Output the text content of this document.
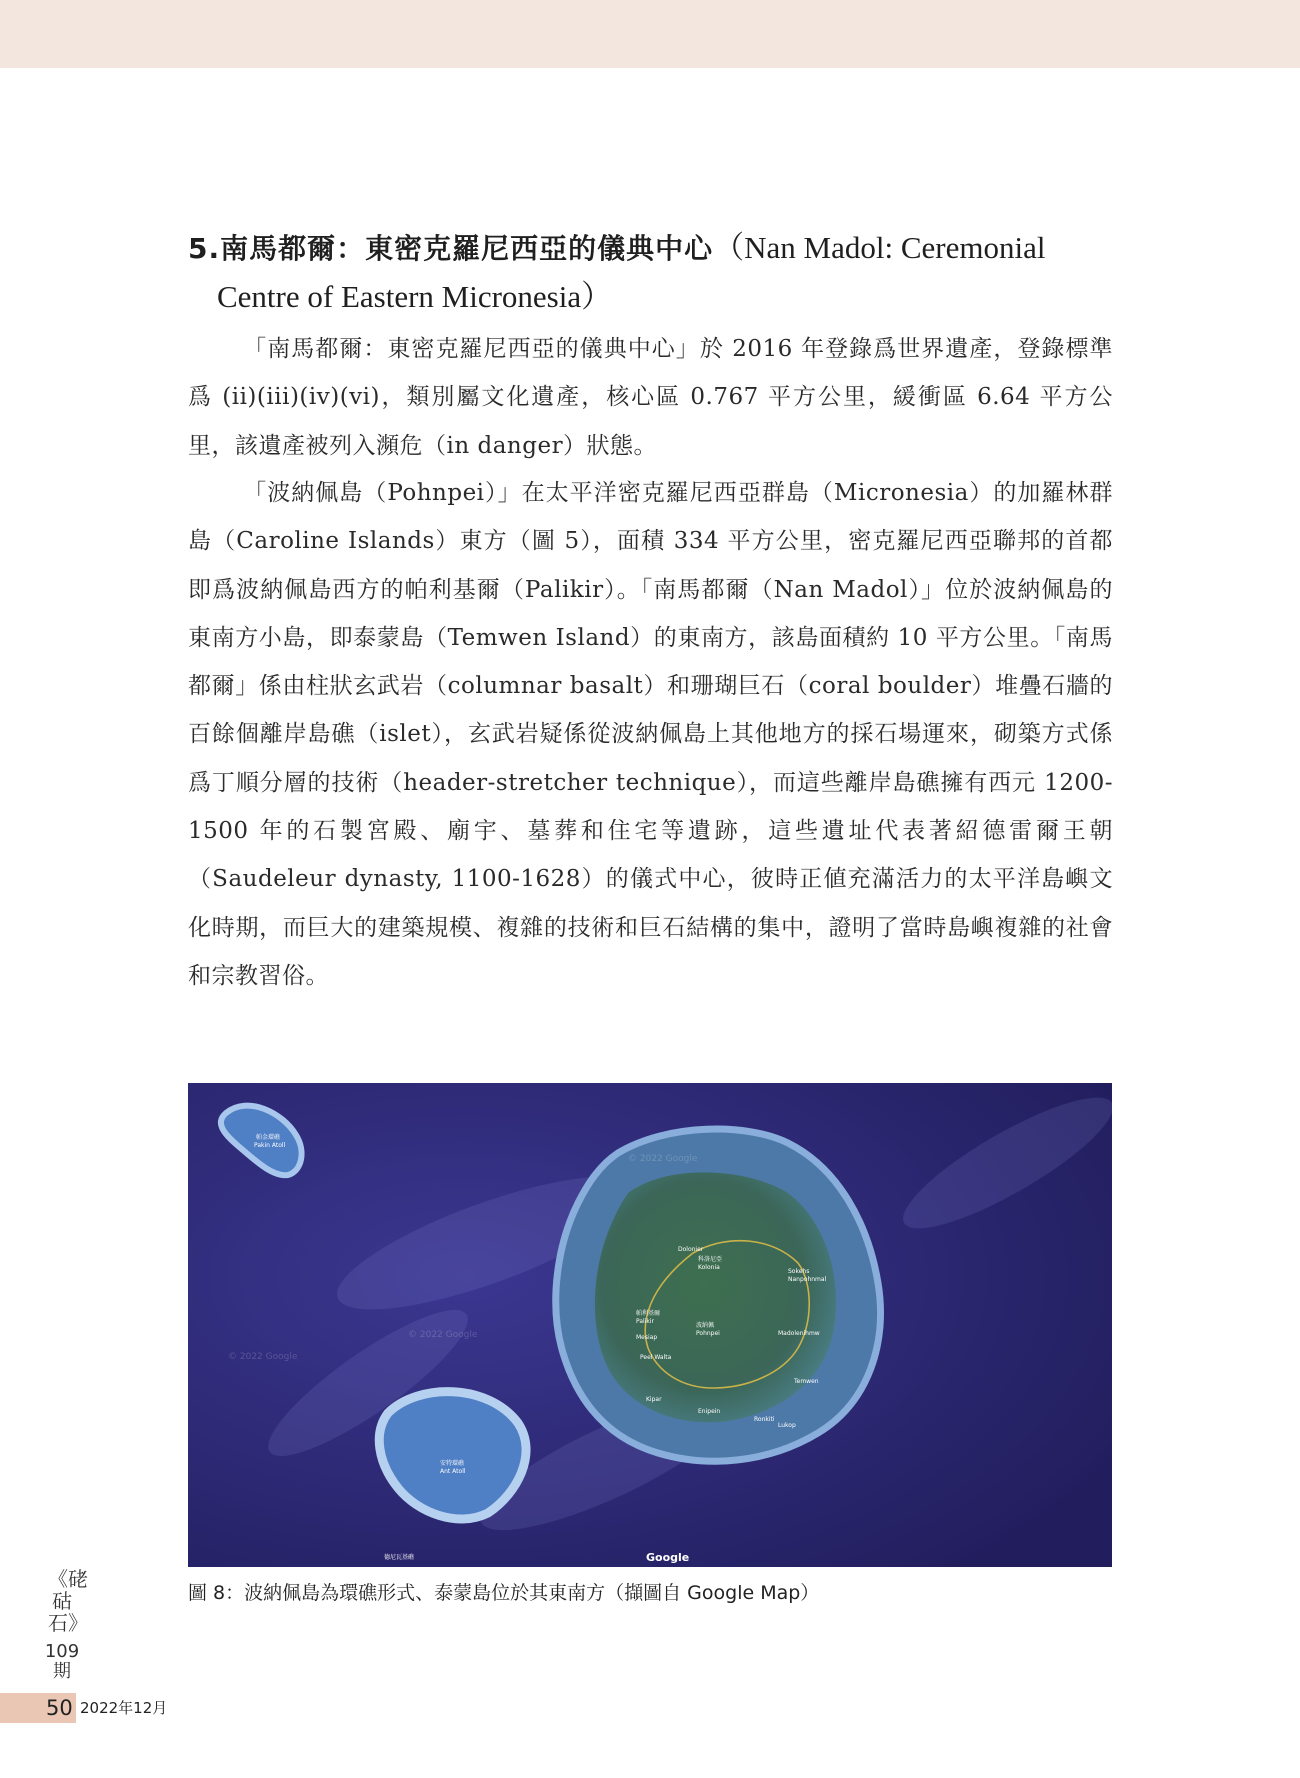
5.南馬都爾：東密克羅尼西亞的儀典中心（Nan Madol: Ceremonial
Centre of Eastern Micronesia）

「南馬都爾：東密克羅尼西亞的儀典中心」於 2016 年登錄爲世界遺產，登錄標準爲 (ii)(iii)(iv)(vi)，類別屬文化遺產，核心區 0.767 平方公里，緩衝區 6.64 平方公里，該遺產被列入瀕危（in danger）狀態。

「波納佩島（Pohnpei）」在太平洋密克羅尼西亞群島（Micronesia）的加羅林群島（Caroline Islands）東方（圖 5），面積 334 平方公里，密克羅尼西亞聯邦的首都即爲波納佩島西方的帕利基爾（Palikir）。「南馬都爾（Nan Madol）」位於波納佩島的東南方小島，即泰蒙島（Temwen Island）的東南方，該島面積約 10 平方公里。「南馬都爾」係由柱狀玄武岩（columnar basalt）和珊瑚巨石（coral boulder）堆疊石牆的百餘個離岸島礁（islet），玄武岩疑係從波納佩島上其他地方的採石場運來，砌築方式係爲丁順分層的技術（header-stretcher technique），而這些離岸島礁擁有西元 1200-1500 年的石製宮殿、廟宇、墓葬和住宅等遺跡，這些遺址代表著紹德雷爾王朝（Saudeleur dynasty, 1100-1628）的儀式中心，彼時正値充滿活力的太平洋島嶼文化時期，而巨大的建築規模、複雜的技術和巨石結構的集中，證明了當時島嶼複雜的社會和宗教習俗。

帕金環礁
Pakin Atoll
安特環礁
Ant Atoll
德尼瓦基礁
Dolonier
科洛尼亞
Kolonia
Sokehs
Nanpohnmal
帕利基爾
Palikir
Mesiap
波納佩
Pohnpei	Madolenihmw
Peel Walta
Temwen
Kipar
Enipein
Ronkiti
Lukop
© 2022 Google
© 2022 Google
© 2022 Google
Google
圖 8：波納佩島為環礁形式、泰蒙島位於其東南方（擷圖自 Google Map）
《硓𥑮石》
109
期
50 2022年12月
